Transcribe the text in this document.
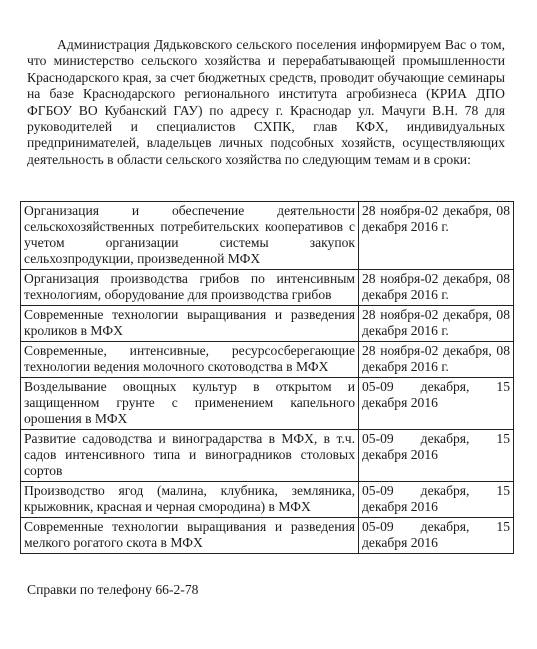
Администрация Дядьковского сельского поселения информируем Вас о том, что министерство сельского хозяйства и перерабатывающей промышленности Краснодарского края, за счет бюджетных средств, проводит обучающие семинары на базе Краснодарского регионального института агробизнеса (КРИА ДПО ФГБОУ ВО Кубанский ГАУ) по адресу г. Краснодар ул. Мачуги В.Н. 78 для руководителей и специалистов СХПК, глав КФХ, индивидуальных предпринимателей, владельцев личных подсобных хозяйств, осуществляющих деятельность в области сельского хозяйства по следующим темам и в сроки:

Организация и обеспечение деятельности сельскохозяйственных потребительских кооперативов с учетом организации системы закупок сельхозпродукции, произведенной МФХ	28 ноября-02 декабря, 08 декабря 2016 г.
Организация производства грибов по интенсивным технологиям, оборудование для производства грибов	28 ноября-02 декабря, 08 декабря 2016 г.
Современные технологии выращивания и разведения кроликов в МФХ	28 ноября-02 декабря, 08 декабря 2016 г.
Современные, интенсивные, ресурсосберегающие технологии ведения молочного скотоводства в МФХ	28 ноября-02 декабря, 08 декабря 2016 г.
Возделывание овощных культур в открытом и защищенном грунте с применением капельного орошения в МФХ	05-09 декабря, 15 декабря 2016
Развитие садоводства и виноградарства в МФХ, в т.ч. садов интенсивного типа и виноградников столовых сортов	05-09 декабря, 15 декабря 2016
Производство ягод (малина, клубника, земляника, крыжовник, красная и черная смородина) в МФХ	05-09 декабря, 15 декабря 2016
Современные технологии выращивания и разведения мелкого рогатого скота в МФХ	05-09 декабря, 15 декабря 2016

Справки по телефону 66-2-78
